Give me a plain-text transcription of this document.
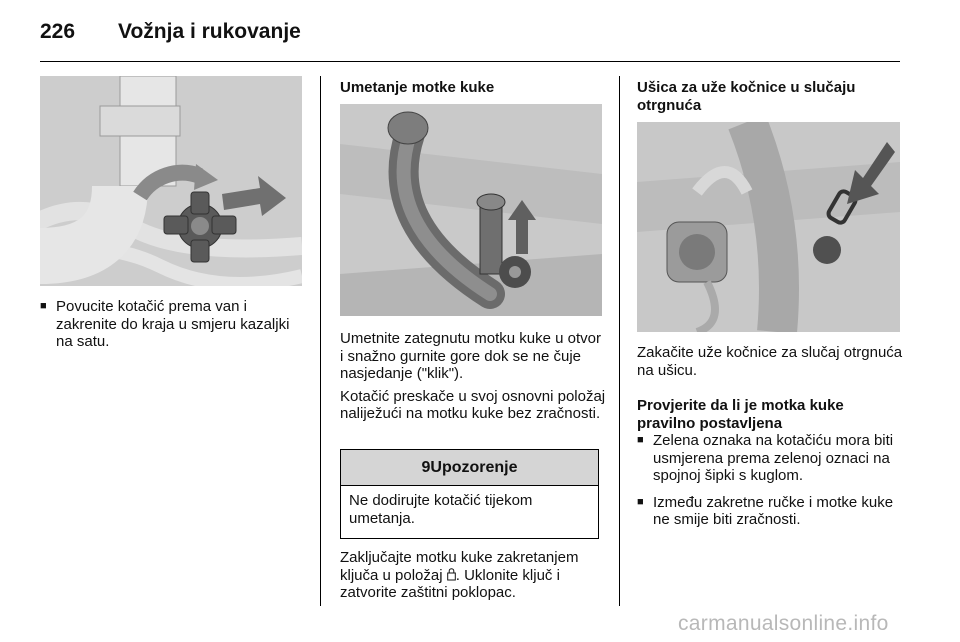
226 Vožnja i rukovanje
■ Povucite kotačić prema van i zakrenite do kraja u smjeru kazaljki na satu.
Umetanje motke kuke

Umetnite zategnutu motku kuke u otvor i snažno gurnite gore dok se ne čuje nasjedanje ("klik").

Kotačić preskače u svoj osnovni položaj naliježući na motku kuke bez zračnosti.

9Upozorenje
Ne dodirujte kotačić tijekom umetanja.

Zaključajte motku kuke zakretanjem ključa u položaj . Uklonite ključ i zatvorite zaštitni poklopac.

Ušica za uže kočnice u slučaju otrgnuća

Zakačite uže kočnice za slučaj otrgnuća na ušicu.

Provjerite da li je motka kuke pravilno postavljena
■ Zelena oznaka na kotačiću mora biti usmjerena prema zelenoj oznaci na spojnoj šipki s kuglom.
■ Između zakretne ručke i motke kuke ne smije biti zračnosti.
carmanualsonline.info
